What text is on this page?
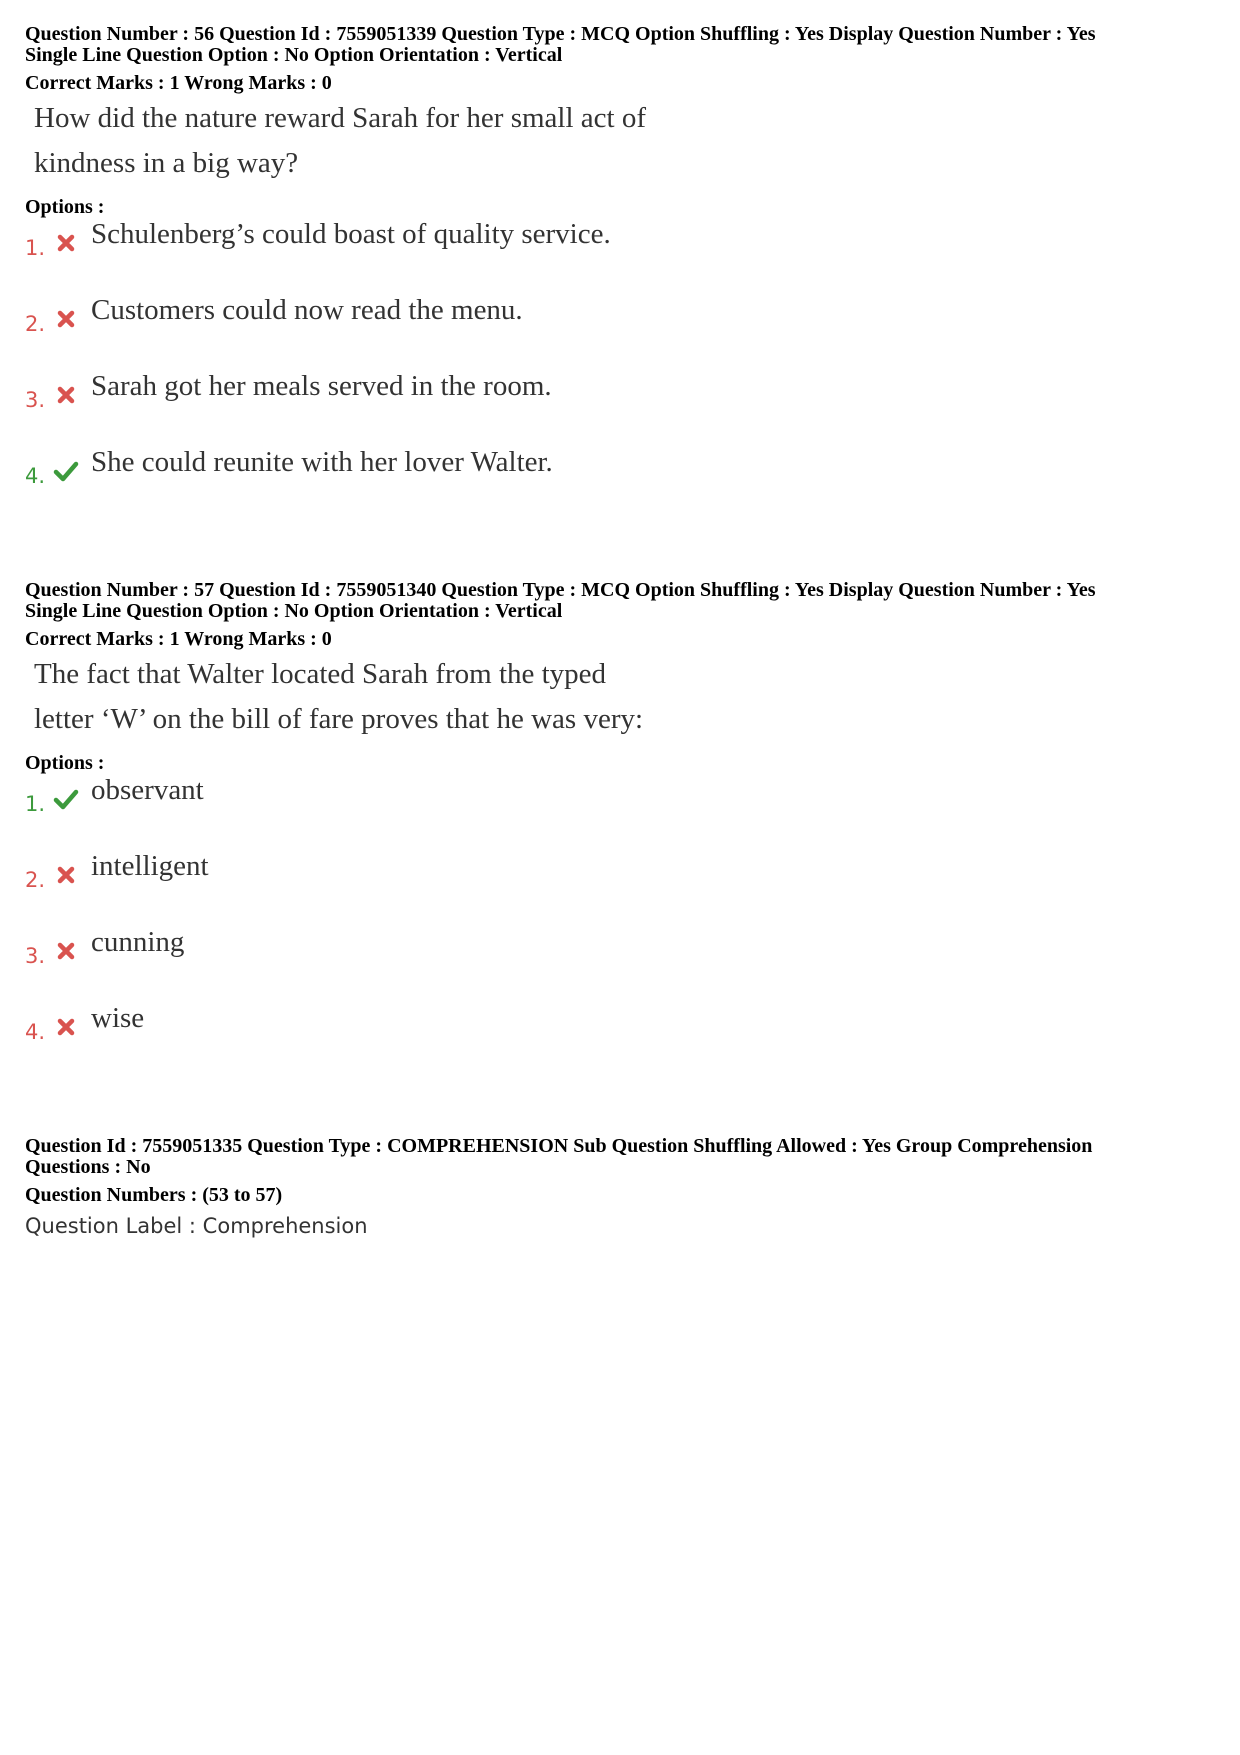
Question Number : 56 Question Id : 7559051339 Question Type : MCQ Option Shuffling : Yes Display Question Number : Yes
Single Line Question Option : No Option Orientation : Vertical
Correct Marks : 1 Wrong Marks : 0
How did the nature reward Sarah for her small act of
kindness in a big way?
Options :
1. Schulenberg’s could boast of quality service.
2. Customers could now read the menu.
3. Sarah got her meals served in the room.
4. She could reunite with her lover Walter.
Question Number : 57 Question Id : 7559051340 Question Type : MCQ Option Shuffling : Yes Display Question Number : Yes
Single Line Question Option : No Option Orientation : Vertical
Correct Marks : 1 Wrong Marks : 0
The fact that Walter located Sarah from the typed
letter ‘W’ on the bill of fare proves that he was very:
Options :
1. observant
2. intelligent
3. cunning
4. wise
Question Id : 7559051335 Question Type : COMPREHENSION Sub Question Shuffling Allowed : Yes Group Comprehension
Questions : No
Question Numbers : (53 to 57)
Question Label : Comprehension
